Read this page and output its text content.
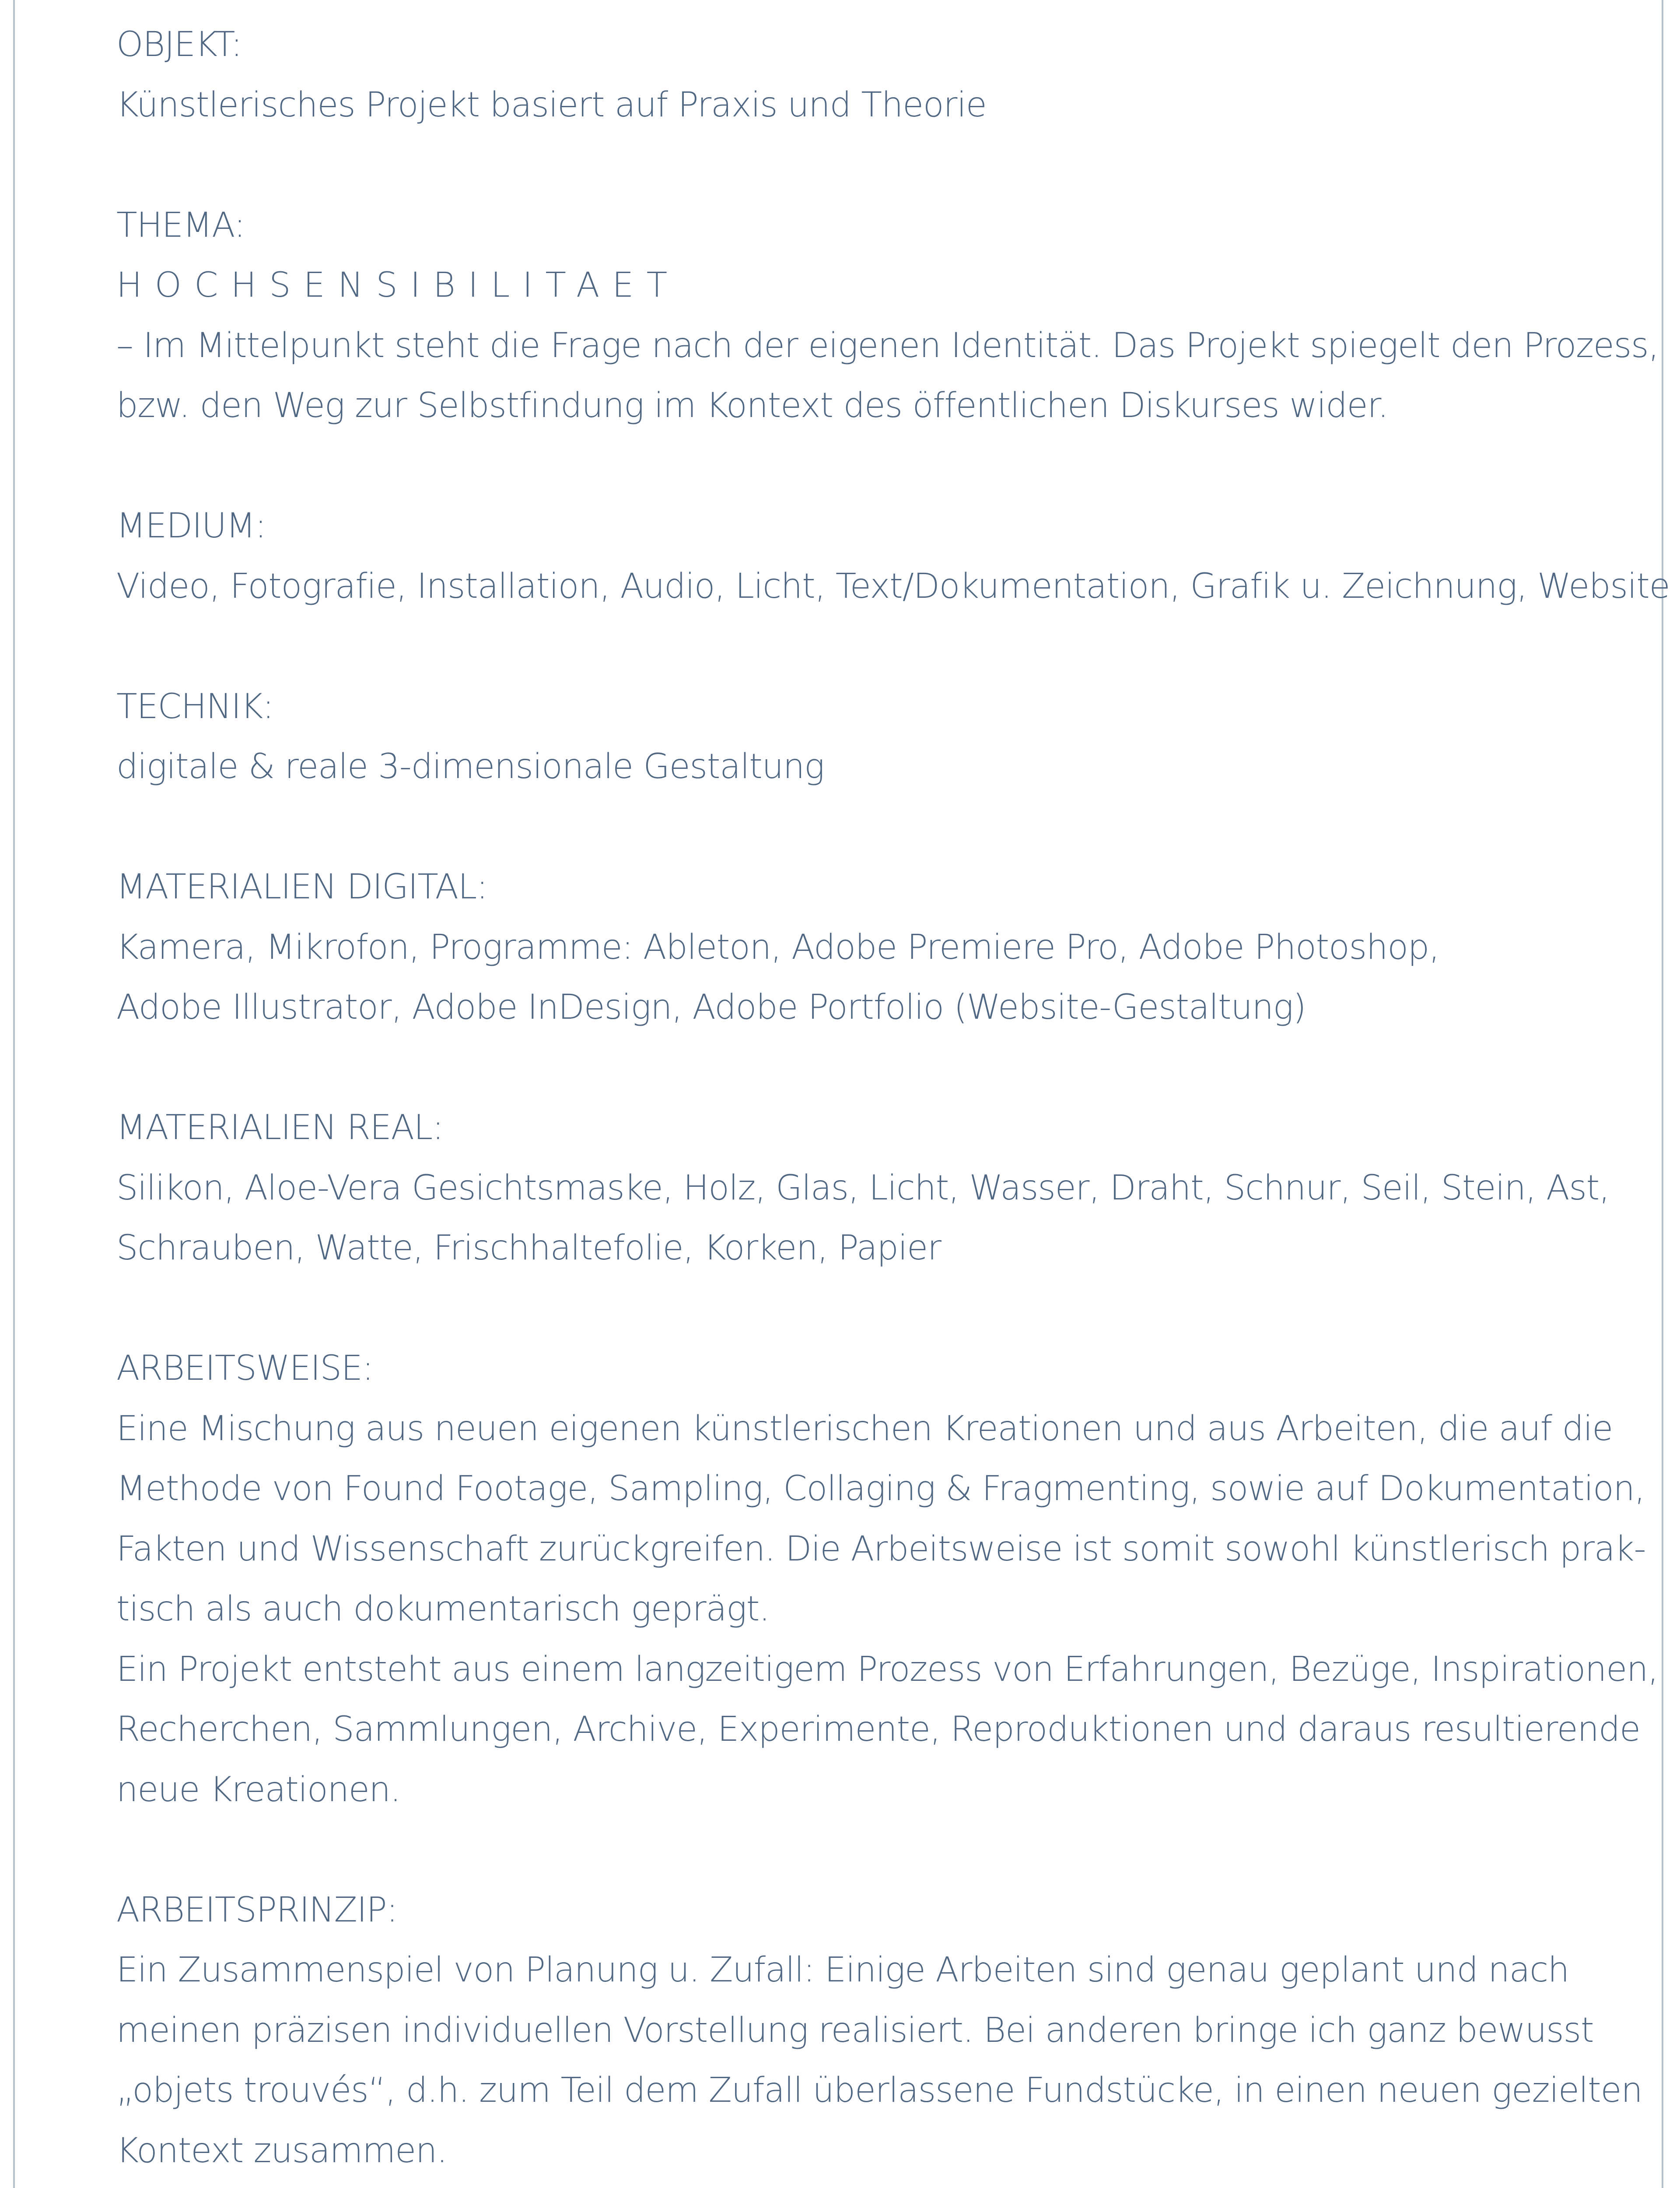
OBJEKT:
Künstlerisches Projekt basiert auf Praxis und Theorie
THEMA:
HOCHSENSIBILITAET
– Im Mittelpunkt steht die Frage nach der eigenen Identität. Das Projekt spiegelt den Prozess,
bzw. den Weg zur Selbstfindung im Kontext des öffentlichen Diskurses wider.
MEDIUM:
Video, Fotografie, Installation, Audio, Licht, Text/Dokumentation, Grafik u. Zeichnung, Website
TECHNIK:
digitale & reale 3-dimensionale Gestaltung
MATERIALIEN DIGITAL:
Kamera, Mikrofon, Programme: Ableton, Adobe Premiere Pro, Adobe Photoshop,
Adobe Illustrator, Adobe InDesign, Adobe Portfolio (Website-Gestaltung)
MATERIALIEN REAL:
Silikon, Aloe-Vera Gesichtsmaske, Holz, Glas, Licht, Wasser, Draht, Schnur, Seil, Stein, Ast,
Schrauben, Watte, Frischhaltefolie, Korken, Papier
ARBEITSWEISE:
Eine Mischung aus neuen eigenen künstlerischen Kreationen und aus Arbeiten, die auf die
Methode von Found Footage, Sampling, Collaging & Fragmenting, sowie auf Dokumentation,
Fakten und Wissenschaft zurückgreifen. Die Arbeitsweise ist somit sowohl künstlerisch prak-
tisch als auch dokumentarisch geprägt.
Ein Projekt entsteht aus einem langzeitigem Prozess von Erfahrungen, Bezüge, Inspirationen,
Recherchen, Sammlungen, Archive, Experimente, Reproduktionen und daraus resultierende
neue Kreationen.
ARBEITSPRINZIP:
Ein Zusammenspiel von Planung u. Zufall: Einige Arbeiten sind genau geplant und nach
meinen präzisen individuellen Vorstellung realisiert. Bei anderen bringe ich ganz bewusst
„objets trouvés“, d.h. zum Teil dem Zufall überlassene Fundstücke, in einen neuen gezielten
Kontext zusammen.
